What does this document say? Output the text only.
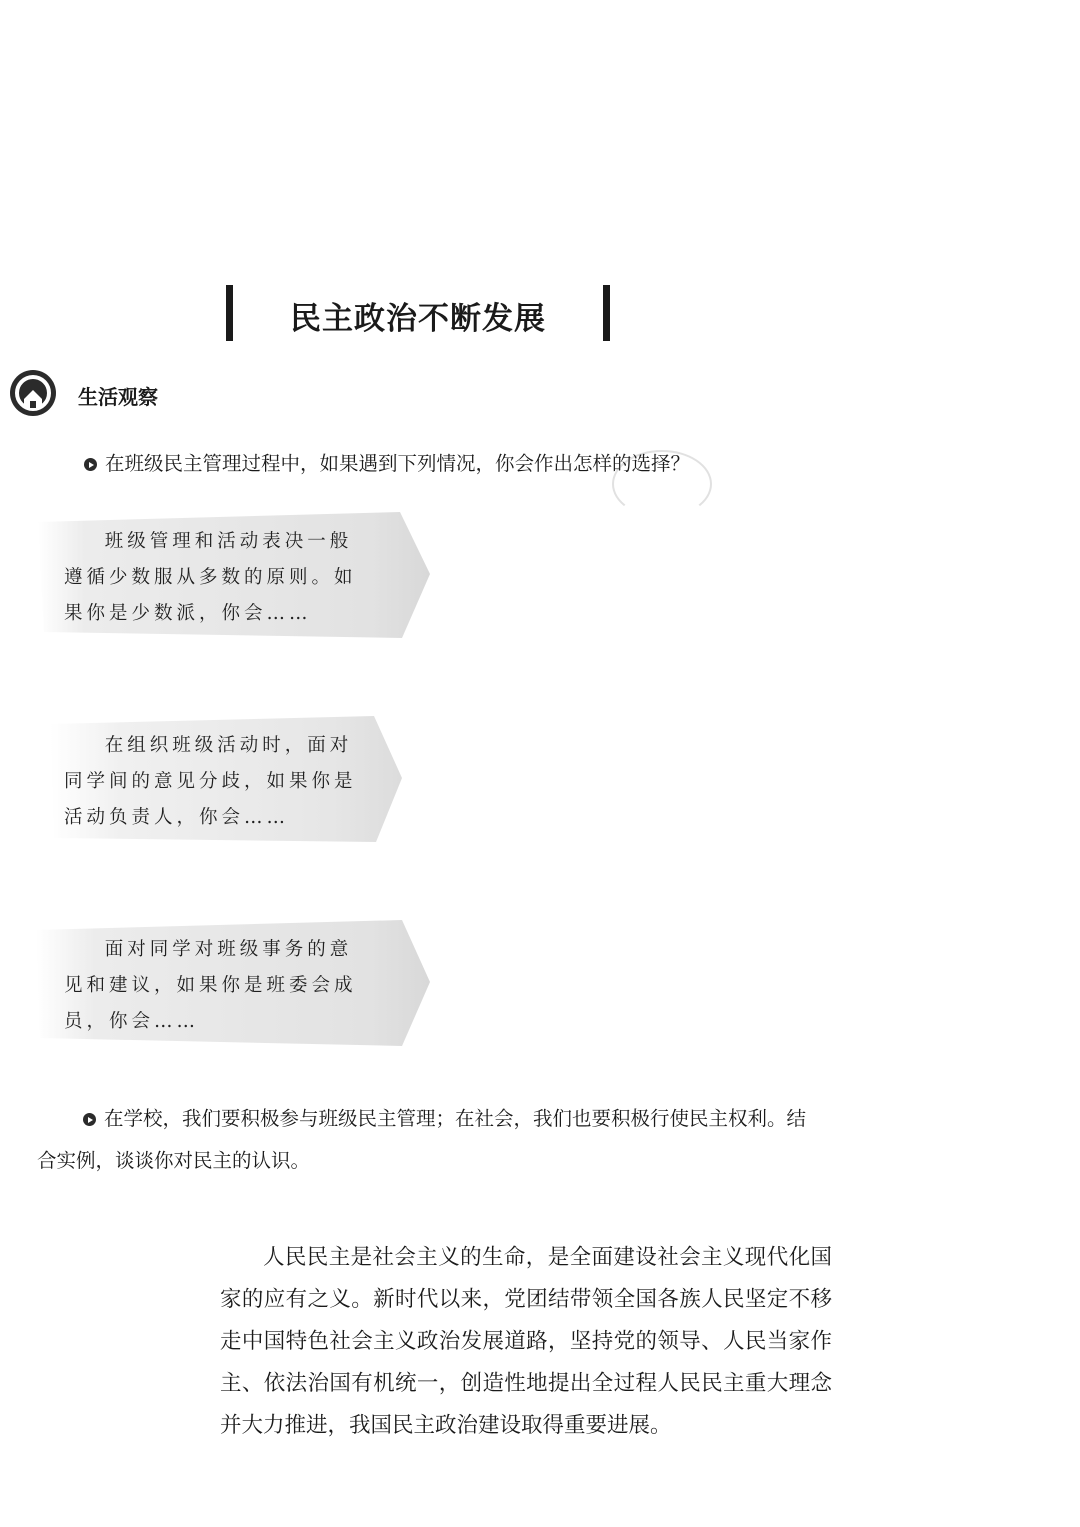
民主政治不断发展
生活观察
在班级民主管理过程中，如果遇到下列情况，你会作出怎样的选择？
班级管理和活动表决一般遵循少数服从多数的原则。如果你是少数派，你会……
在组织班级活动时，面对同学间的意见分歧，如果你是活动负责人，你会……
面对同学对班级事务的意见和建议，如果你是班委会成员，你会……
在学校，我们要积极参与班级民主管理；在社会，我们也要积极行使民主权利。结合实例，谈谈你对民主的认识。
人民民主是社会主义的生命，是全面建设社会主义现代化国家的应有之义。新时代以来，党团结带领全国各族人民坚定不移走中国特色社会主义政治发展道路，坚持党的领导、人民当家作主、依法治国有机统一，创造性地提出全过程人民民主重大理念并大力推进，我国民主政治建设取得重要进展。
